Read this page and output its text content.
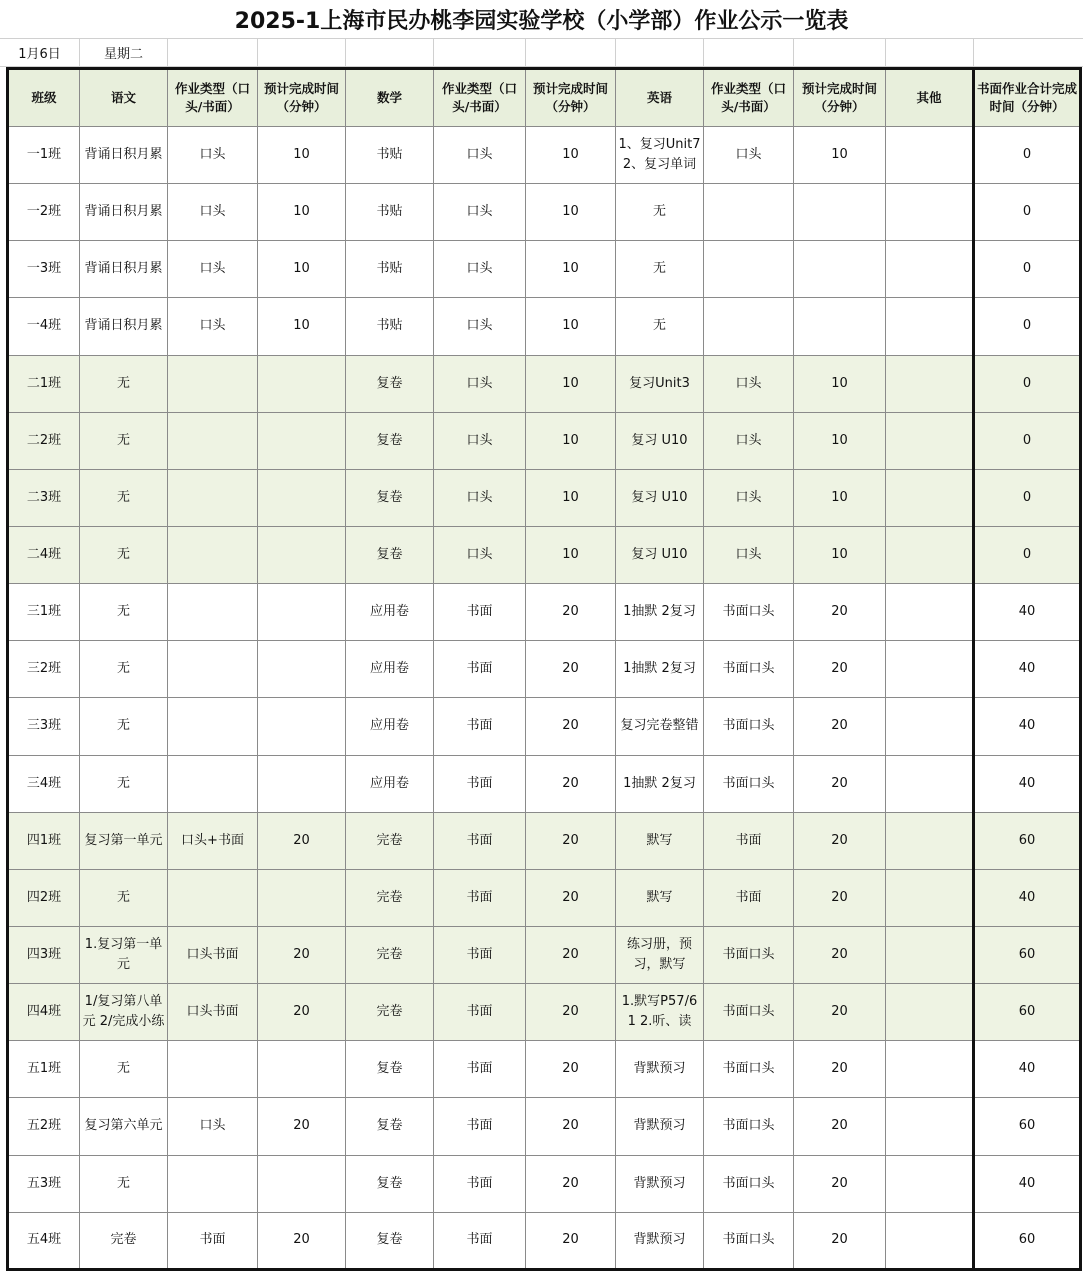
2025-1上海市民办桃李园实验学校（小学部）作业公示一览表
1月6日	星期二
班级	语文	作业类型（口头/书面）	预计完成时间（分钟）	数学	作业类型（口头/书面）	预计完成时间（分钟）	英语	作业类型（口头/书面）	预计完成时间（分钟）	其他	书面作业合计完成时间（分钟）

一1班	背诵日积月累	口头	10	书贴	口头	10	1、复习Unit7 2、复习单词	口头	10		0

一2班	背诵日积月累	口头	10	书贴	口头	10	无				0

一3班	背诵日积月累	口头	10	书贴	口头	10	无				0

一4班	背诵日积月累	口头	10	书贴	口头	10	无				0

二1班	无			复卷	口头	10	复习Unit3	口头	10		0

二2班	无			复卷	口头	10	复习 U10	口头	10		0

二3班	无			复卷	口头	10	复习 U10	口头	10		0

二4班	无			复卷	口头	10	复习 U10	口头	10		0

三1班	无			应用卷	书面	20	1抽默 2复习	书面口头	20		40

三2班	无			应用卷	书面	20	1抽默 2复习	书面口头	20		40

三3班	无			应用卷	书面	20	复习完卷整错	书面口头	20		40

三4班	无			应用卷	书面	20	1抽默 2复习	书面口头	20		40

四1班	复习第一单元	口头+书面	20	完卷	书面	20	默写	书面	20		60

四2班	无			完卷	书面	20	默写	书面	20		40

四3班	1.复习第一单元	口头书面	20	完卷	书面	20	练习册，预习，默写	书面口头	20		60

四4班	1/复习第八单元 2/完成小练	口头书面	20	完卷	书面	20	1.默写P57/61 2.听、读	书面口头	20		60

五1班	无			复卷	书面	20	背默预习	书面口头	20		40

五2班	复习第六单元	口头	20	复卷	书面	20	背默预习	书面口头	20		60

五3班	无			复卷	书面	20	背默预习	书面口头	20		40

五4班	完卷	书面	20	复卷	书面	20	背默预习	书面口头	20		60
